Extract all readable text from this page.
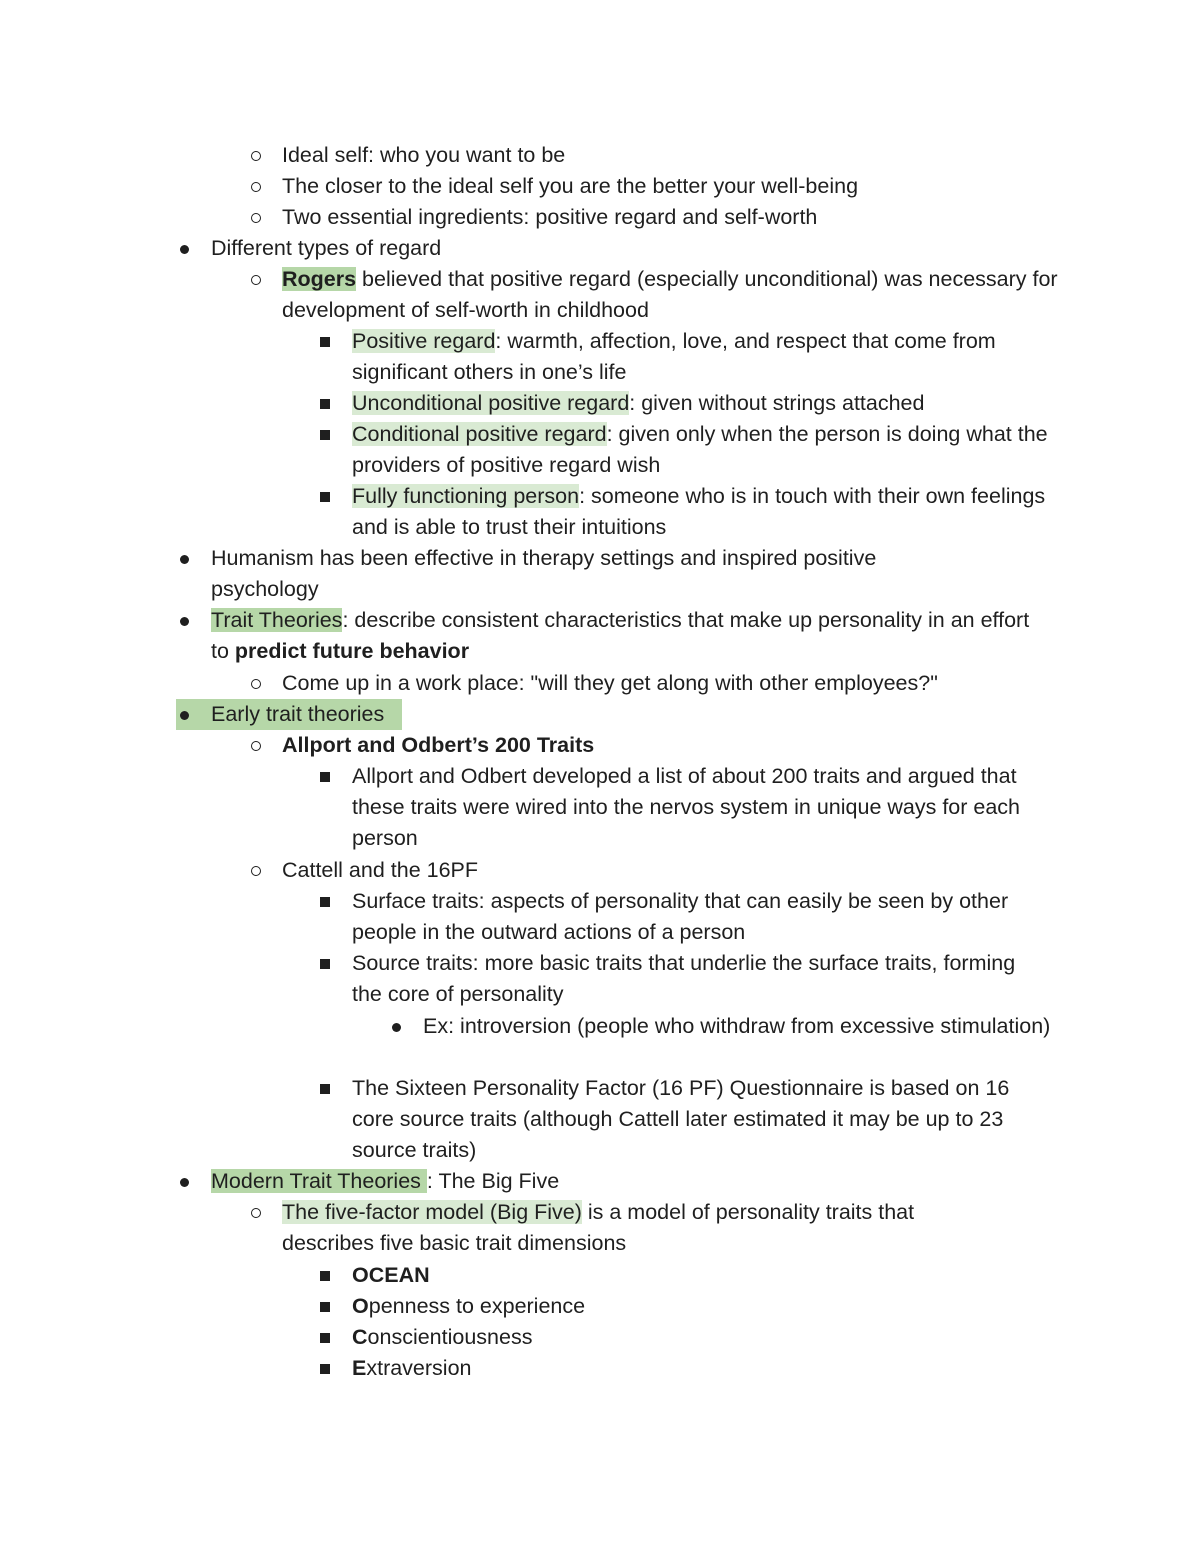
Ideal self: who you want to be
The closer to the ideal self you are the better your well-being
Two essential ingredients: positive regard and self-worth
Different types of regard
Rogers believed that positive regard (especially unconditional) was necessary for development of self-worth in childhood
Positive regard: warmth, affection, love, and respect that come from significant others in one’s life
Unconditional positive regard: given without strings attached
Conditional positive regard: given only when the person is doing what the providers of positive regard wish
Fully functioning person: someone who is in touch with their own feelings and is able to trust their intuitions
Humanism has been effective in therapy settings and inspired positive psychology
Trait Theories: describe consistent characteristics that make up personality in an effort to predict future behavior
Come up in a work place: "will they get along with other employees?"
Early trait theories
Allport and Odbert’s 200 Traits
Allport and Odbert developed a list of about 200 traits and argued that these traits were wired into the nervos system in unique ways for each person
Cattell and the 16PF
Surface traits: aspects of personality that can easily be seen by other people in the outward actions of a person
Source traits: more basic traits that underlie the surface traits, forming the core of personality
Ex: introversion (people who withdraw from excessive stimulation)
The Sixteen Personality Factor (16 PF) Questionnaire is based on 16 core source traits (although Cattell later estimated it may be up to 23 source traits)
Modern Trait Theories : The Big Five
The five-factor model (Big Five) is a model of personality traits that describes five basic trait dimensions
OCEAN
Openness to experience
Conscientiousness
Extraversion
